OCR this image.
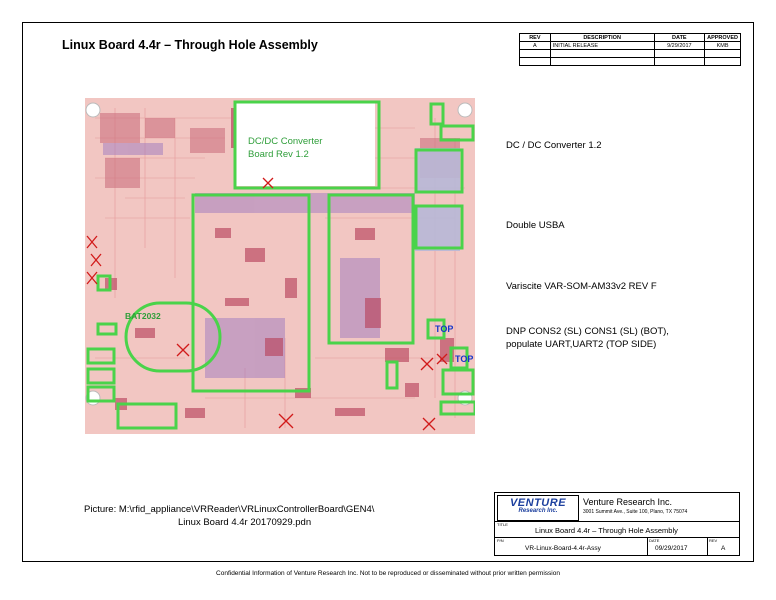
Linux Board 4.4r – Through Hole Assembly
REV	DESCRIPTION	DATE	APPROVED
A	INITIAL RELEASE	9/29/2017	KMB

DC/DC Converter
Board Rev 1.2
BAT2032
TOP
TOP
DC / DC Converter 1.2
Double USBA
Variscite VAR-SOM-AM33v2 REV F
DNP CONS2 (SL) CONS1 (SL) (BOT),
populate UART,UART2 (TOP SIDE)
Picture: M:\rfid_appliance\VRReader\VRLinuxControllerBoard\GEN4\
Linux Board 4.4r 20170929.pdn
VENTURE
Research Inc.
Venture Research Inc.
3001 Summit Ave., Suite 100, Plano, TX 75074
TITLE
Linux Board 4.4r – Through Hole Assembly
P/N	DATE	REV
VR-Linux-Board-4.4r-Assy	09/29/2017	A
Confidential Information of Venture Research Inc. Not to be reproduced or disseminated without prior written permission
